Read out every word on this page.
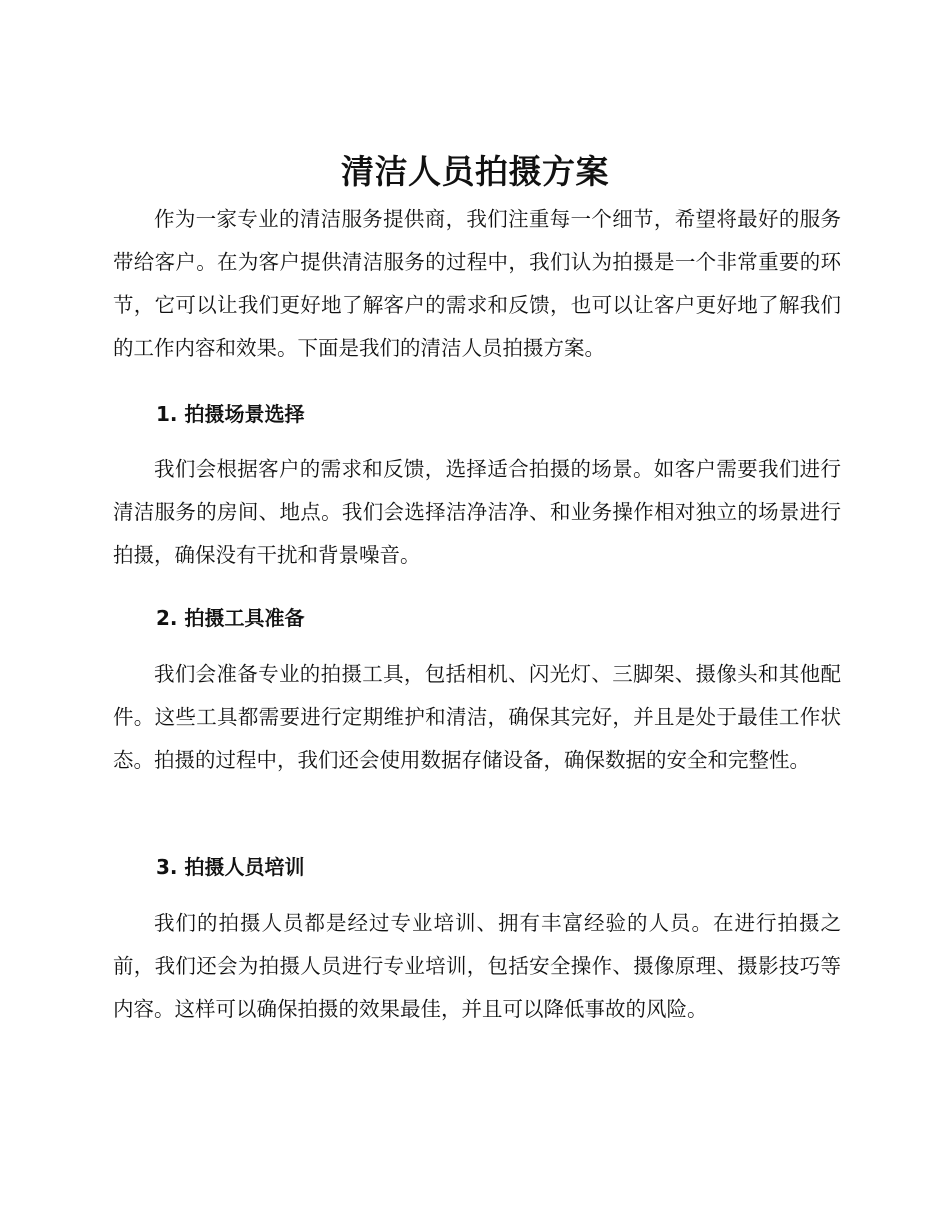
清洁人员拍摄方案

作为一家专业的清洁服务提供商，我们注重每一个细节，希望将最好的服务带给客户。在为客户提供清洁服务的过程中，我们认为拍摄是一个非常重要的环节，它可以让我们更好地了解客户的需求和反馈，也可以让客户更好地了解我们的工作内容和效果。下面是我们的清洁人员拍摄方案。

1. 拍摄场景选择

我们会根据客户的需求和反馈，选择适合拍摄的场景。如客户需要我们进行清洁服务的房间、地点。我们会选择洁净洁净、和业务操作相对独立的场景进行拍摄，确保没有干扰和背景噪音。

2. 拍摄工具准备

我们会准备专业的拍摄工具，包括相机、闪光灯、三脚架、摄像头和其他配件。这些工具都需要进行定期维护和清洁，确保其完好，并且是处于最佳工作状态。拍摄的过程中，我们还会使用数据存储设备，确保数据的安全和完整性。

3. 拍摄人员培训

我们的拍摄人员都是经过专业培训、拥有丰富经验的人员。在进行拍摄之前，我们还会为拍摄人员进行专业培训，包括安全操作、摄像原理、摄影技巧等内容。这样可以确保拍摄的效果最佳，并且可以降低事故的风险。
